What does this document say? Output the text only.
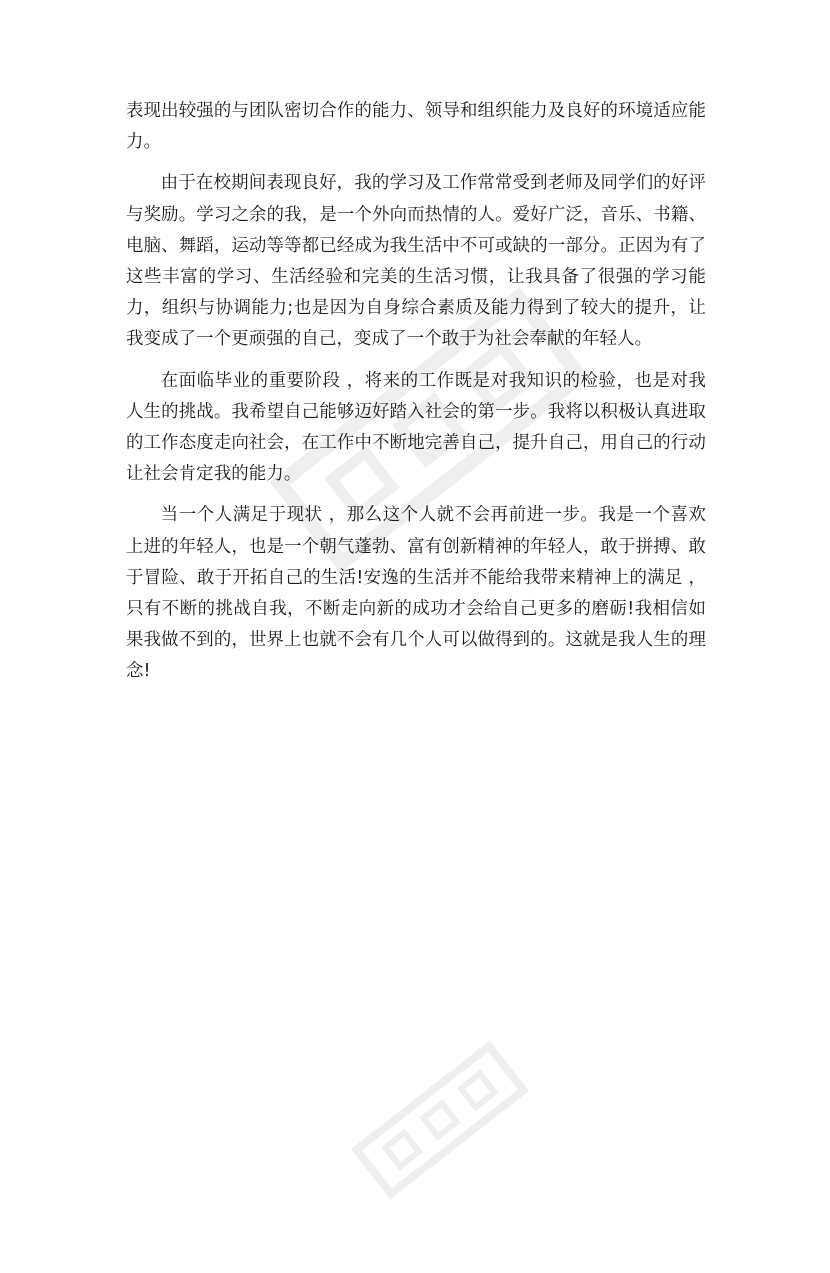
表现出较强的与团队密切合作的能力、领导和组织能力及良好的环境适应能力。

由于在校期间表现良好，我的学习及工作常常受到老师及同学们的好评与奖励。学习之余的我，是一个外向而热情的人。爱好广泛，音乐、书籍、电脑、舞蹈，运动等等都已经成为我生活中不可或缺的一部分。正因为有了这些丰富的学习、生活经验和完美的生活习惯，让我具备了很强的学习能力，组织与协调能力;也是因为自身综合素质及能力得到了较大的提升，让我变成了一个更顽强的自己，变成了一个敢于为社会奉献的年轻人。

在面临毕业的重要阶段 ，将来的工作既是对我知识的检验，也是对我人生的挑战。我希望自己能够迈好踏入社会的第一步。我将以积极认真进取的工作态度走向社会，在工作中不断地完善自己，提升自己，用自己的行动让社会肯定我的能力。

当一个人满足于现状 ，那么这个人就不会再前进一步。我是一个喜欢上进的年轻人，也是一个朝气蓬勃、富有创新精神的年轻人，敢于拼搏、敢于冒险、敢于开拓自己的生活!安逸的生活并不能给我带来精神上的满足 ，只有不断的挑战自我，不断走向新的成功才会给自己更多的磨砺!我相信如果我做不到的，世界上也就不会有几个人可以做得到的。这就是我人生的理念!
